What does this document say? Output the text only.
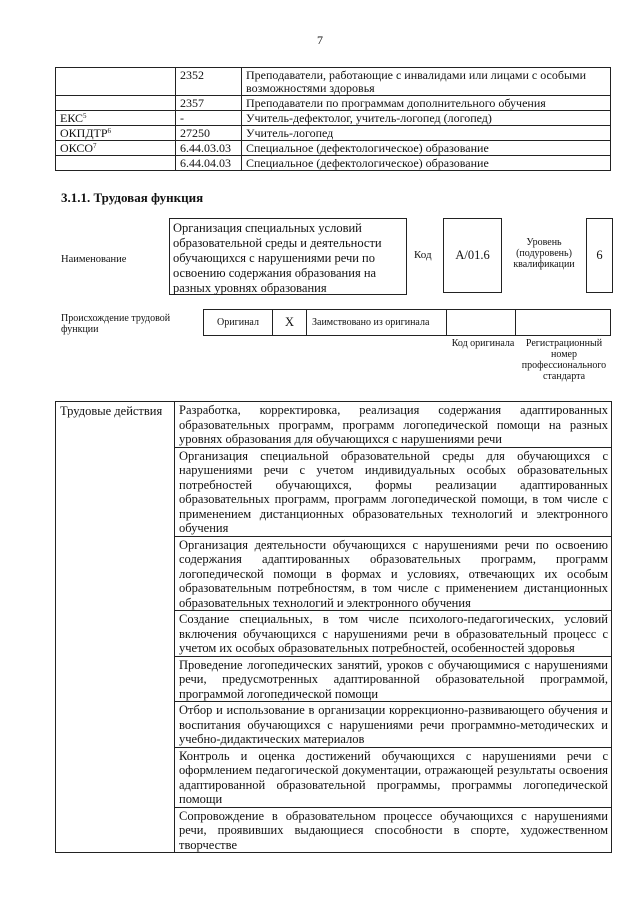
7
	2352	Преподаватели, работающие с инвалидами или лицами с особыми возможностями здоровья
	2357	Преподаватели по программам дополнительного обучения
ЕКС$^5$	-	Учитель-дефектолог, учитель-логопед (логопед)
ОКПДТР$^6$	27250	Учитель-логопед
ОКСО$^7$	6.44.03.03	Специальное (дефектологическое) образование
	6.44.04.03	Специальное (дефектологическое) образование
3.1.1. Трудовая функция
Наименование
Организация специальных условий образовательной среды и деятельности обучающихся с нарушениями речи по освоению содержания образования на разных уровнях образования
Код	А/01.6
Уровень (подуровень) квалификации
6
Происхождение трудовой функции
Оригинал	X	Заимствовано из оригинала
Код оригинала	Регистрационный номер профессионального стандарта
Трудовые действия	Разработка, корректировка, реализация содержания адаптированных образовательных программ, программ логопедической помощи на разных уровнях образования для обучающихся с нарушениями речи
Организация специальной образовательной среды для обучающихся с нарушениями речи с учетом индивидуальных особых образовательных потребностей обучающихся, формы реализации адаптированных образовательных программ, программ логопедической помощи, в том числе с применением дистанционных образовательных технологий и электронного обучения
Организация деятельности обучающихся с нарушениями речи по освоению содержания адаптированных образовательных программ, программ логопедической помощи в формах и условиях, отвечающих их особым образовательным потребностям, в том числе с применением дистанционных образовательных технологий и электронного обучения
Создание специальных, в том числе психолого-педагогических, условий включения обучающихся с нарушениями речи в образовательный процесс с учетом их особых образовательных потребностей, особенностей здоровья
Проведение логопедических занятий, уроков с обучающимися с нарушениями речи, предусмотренных адаптированной образовательной программой, программой логопедической помощи
Отбор и использование в организации коррекционно-развивающего обучения и воспитания обучающихся с нарушениями речи программно-методических и учебно-дидактических материалов
Контроль и оценка достижений обучающихся с нарушениями речи с оформлением педагогической документации, отражающей результаты освоения адаптированной образовательной программы, программы логопедической помощи
Сопровождение в образовательном процессе обучающихся с нарушениями речи, проявивших выдающиеся способности в спорте, художественном творчестве
